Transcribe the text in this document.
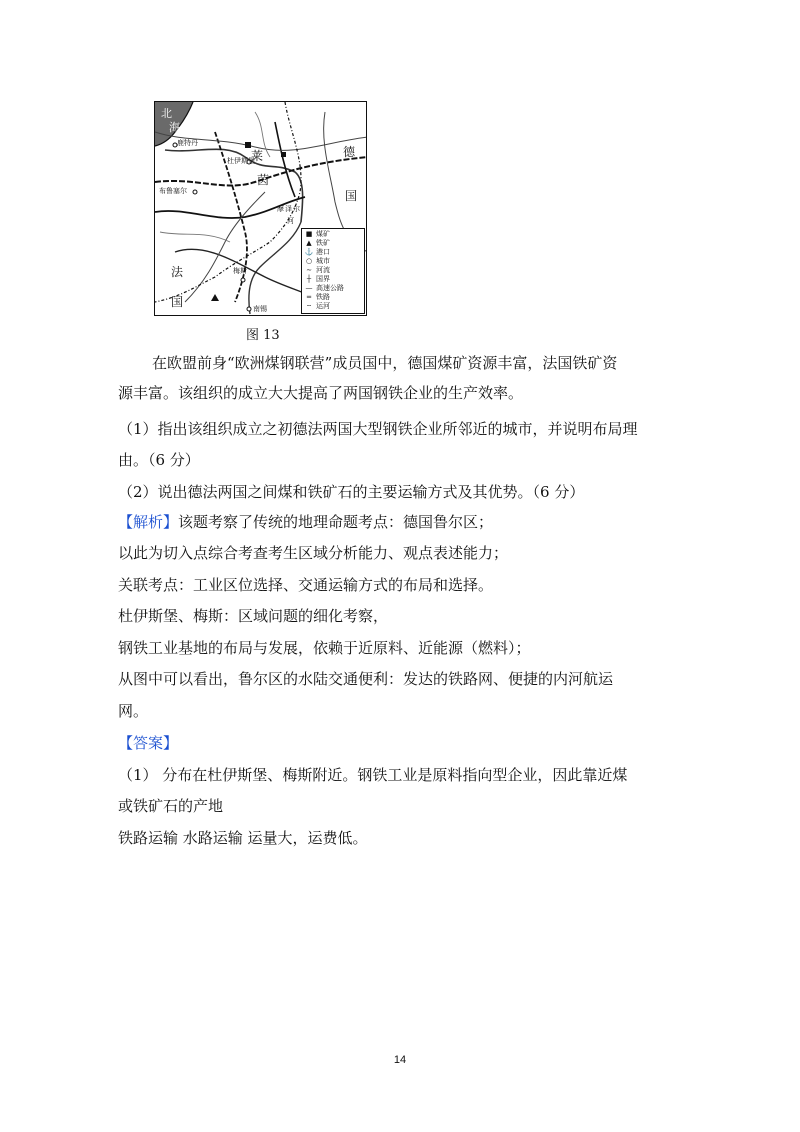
北
海
鹿特丹
杜伊斯堡
莱
茵
德
国
布鲁塞尔
摩 泽 尔
河
法
国
梅斯
南锡
■ 煤矿
▲ 铁矿
⚓ 港口
○ 城市
∼ 河流
┼ 国界
— 高速公路
═ 铁路
╌ 运河
图 13
在欧盟前身“欧洲煤钢联营”成员国中，德国煤矿资源丰富，法国铁矿资
源丰富。该组织的成立大大提高了两国钢铁企业的生产效率。
（1）指出该组织成立之初德法两国大型钢铁企业所邻近的城市，并说明布局理
由。（6 分）
（2）说出德法两国之间煤和铁矿石的主要运输方式及其优势。（6 分）
【解析】该题考察了传统的地理命题考点：德国鲁尔区；
以此为切入点综合考查考生区域分析能力、观点表述能力；
关联考点：工业区位选择、交通运输方式的布局和选择。
杜伊斯堡、梅斯：区域问题的细化考察，
钢铁工业基地的布局与发展，依赖于近原料、近能源（燃料）；
从图中可以看出，鲁尔区的水陆交通便利：发达的铁路网、便捷的内河航运
网。
【答案】
（1） 分布在杜伊斯堡、梅斯附近。钢铁工业是原料指向型企业，因此靠近煤
或铁矿石的产地
铁路运输 水路运输 运量大，运费低。
14
